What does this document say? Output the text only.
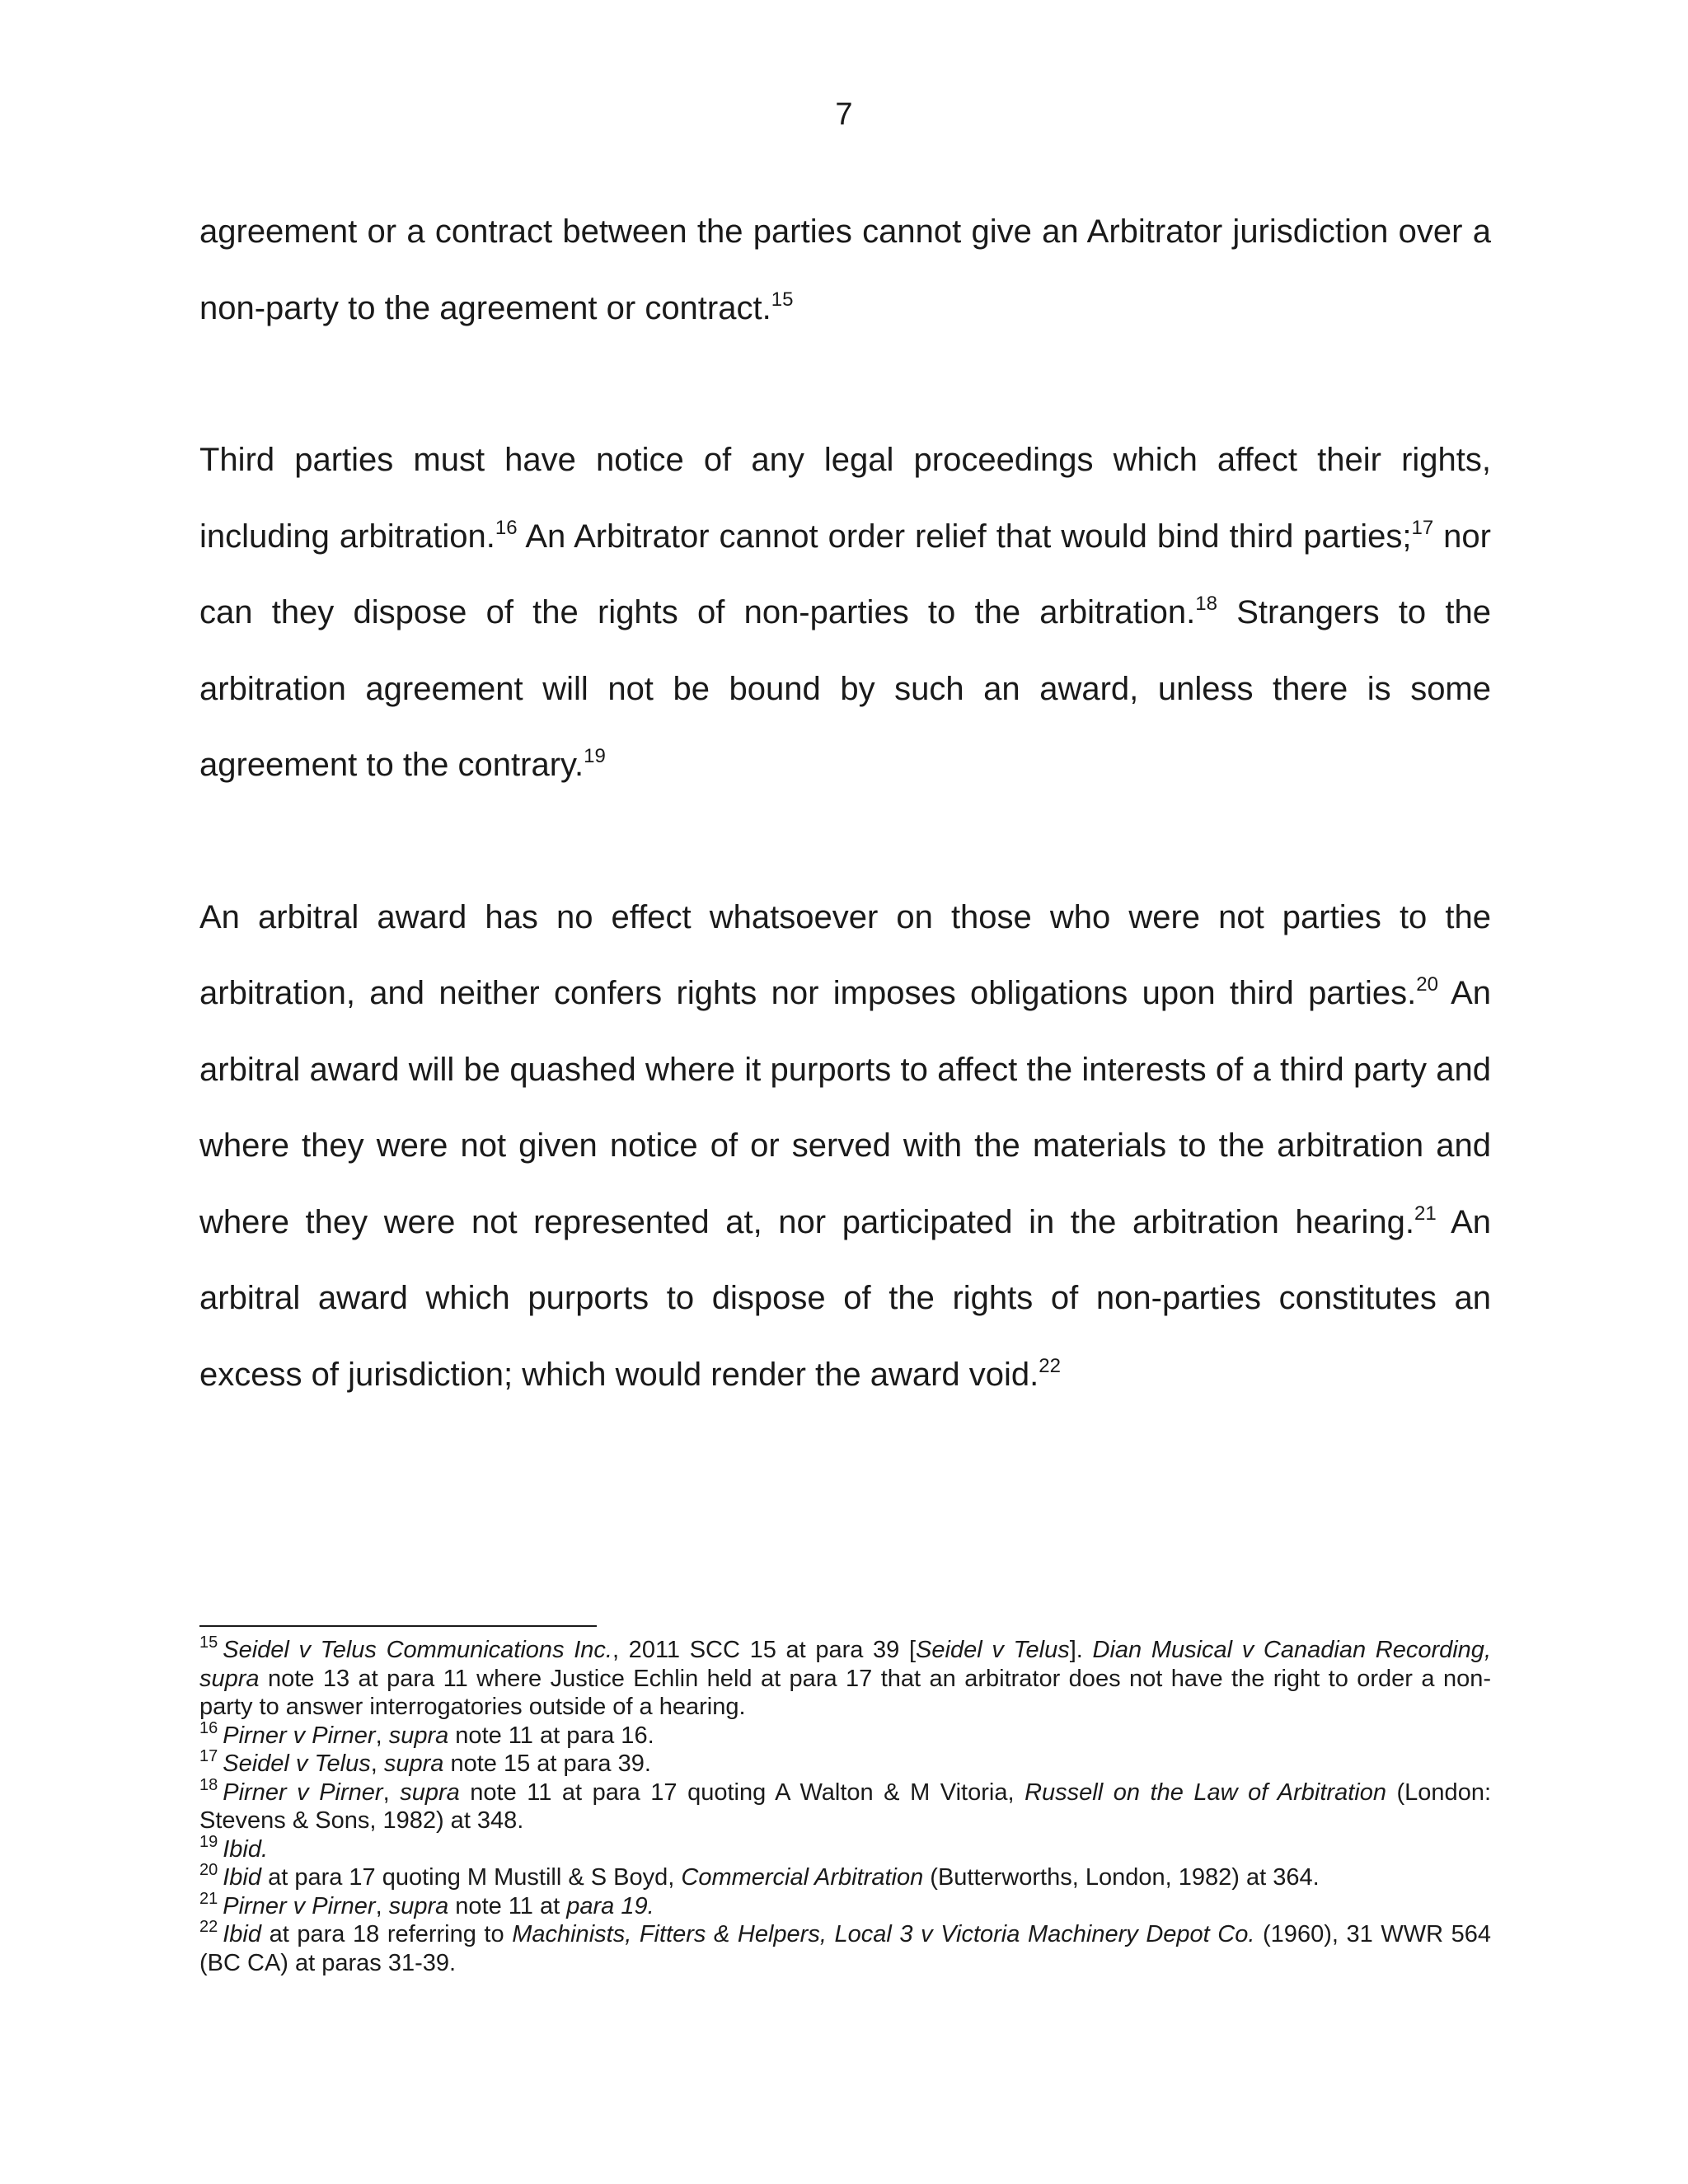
7

agreement or a contract between the parties cannot give an Arbitrator jurisdiction over a non-party to the agreement or contract.$^{15}$

Third parties must have notice of any legal proceedings which affect their rights, including arbitration.$^{16}$ An Arbitrator cannot order relief that would bind third parties;$^{17}$ nor can they dispose of the rights of non-parties to the arbitration.$^{18}$ Strangers to the arbitration agreement will not be bound by such an award, unless there is some agreement to the contrary.$^{19}$

An arbitral award has no effect whatsoever on those who were not parties to the arbitration, and neither confers rights nor imposes obligations upon third parties.$^{20}$ An arbitral award will be quashed where it purports to affect the interests of a third party and where they were not given notice of or served with the materials to the arbitration and where they were not represented at, nor participated in the arbitration hearing.$^{21}$ An arbitral award which purports to dispose of the rights of non-parties constitutes an excess of jurisdiction; which would render the award void.$^{22}$

$^{15}$ Seidel v Telus Communications Inc., 2011 SCC 15 at para 39 [Seidel v Telus]. Dian Musical v Canadian Recording, supra note 13 at para 11 where Justice Echlin held at para 17 that an arbitrator does not have the right to order a non-party to answer interrogatories outside of a hearing.

$^{16}$ Pirner v Pirner, supra note 11 at para 16.

$^{17}$ Seidel v Telus, supra note 15 at para 39.

$^{18}$ Pirner v Pirner, supra note 11 at para 17 quoting A Walton & M Vitoria, Russell on the Law of Arbitration (London: Stevens & Sons, 1982) at 348.

$^{19}$ Ibid.

$^{20}$ Ibid at para 17 quoting M Mustill & S Boyd, Commercial Arbitration (Butterworths, London, 1982) at 364.

$^{21}$ Pirner v Pirner, supra note 11 at para 19.

$^{22}$ Ibid at para 18 referring to Machinists, Fitters & Helpers, Local 3 v Victoria Machinery Depot Co. (1960), 31 WWR 564 (BC CA) at paras 31-39.
